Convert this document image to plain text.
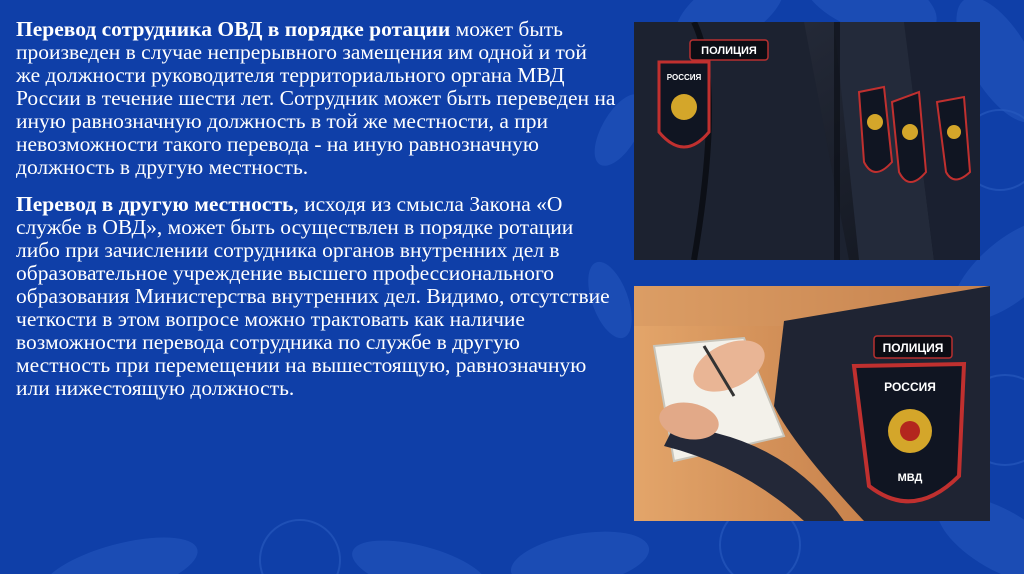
Перевод сотрудника ОВД в порядке ротации может быть произведен в случае непрерывного замещения им одной и той же должности руководителя территориального органа МВД России в течение шести лет. Сотрудник может быть переведен на иную равнозначную должность в той же местности, а при невозможности такого перевода - на иную равнозначную должность в другую местность.

Перевод в другую местность, исходя из смысла Закона «О службе в ОВД», может быть осуществлен в порядке ротации либо при зачислении сотрудника органов внутренних дел в образовательное учреждение высшего профессионального образования Министерства внутренних дел. Видимо, отсутствие четкости в этом вопросе можно трактовать как наличие возможности перевода сотрудника по службе в другую местность при перемещении на вышестоящую, равнозначную или нижестоящую должность.

ПОЛИЦИЯ
РОССИЯ
ПОЛИЦИЯ
РОССИЯ
МВД
